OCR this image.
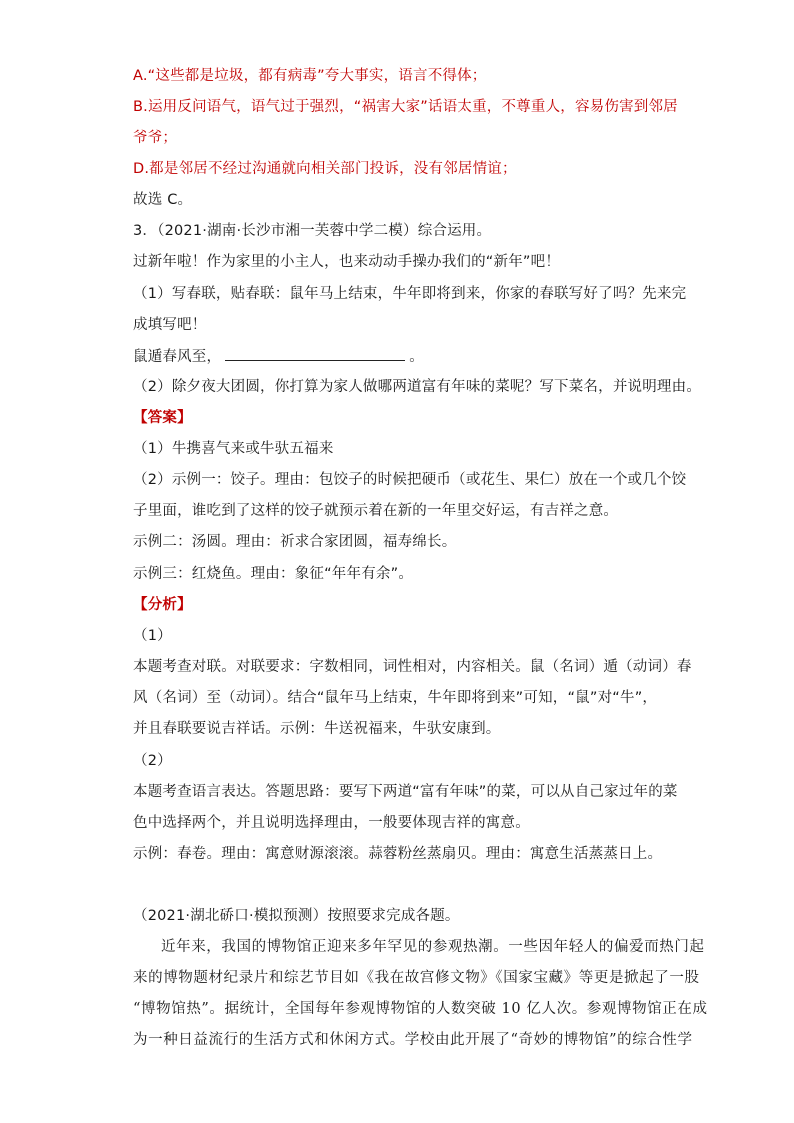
A.“这些都是垃圾，都有病毒”夸大事实，语言不得体；
B.运用反问语气，语气过于强烈，“祸害大家”话语太重，不尊重人，容易伤害到邻居
爷爷；
D.都是邻居不经过沟通就向相关部门投诉，没有邻居情谊；
故选 C。
3．（2021·湖南·长沙市湘一芙蓉中学二模）综合运用。
过新年啦！作为家里的小主人，也来动动手操办我们的“新年”吧！
（1）写春联，贴春联：鼠年马上结束，牛年即将到来，你家的春联写好了吗？先来完
成填写吧！
鼠遁春风至，	。
（2）除夕夜大团圆，你打算为家人做哪两道富有年味的菜呢？写下菜名，并说明理由。
【答案】
（1）牛携喜气来或牛驮五福来
（2）示例一：饺子。理由：包饺子的时候把硬币（或花生、果仁）放在一个或几个饺
子里面，谁吃到了这样的饺子就预示着在新的一年里交好运，有吉祥之意。
示例二：汤圆。理由：祈求合家团圆，福寿绵长。
示例三：红烧鱼。理由：象征“年年有余”。
【分析】
（1）
本题考查对联。对联要求：字数相同，词性相对，内容相关。鼠（名词）遁（动词）春
风（名词）至（动词）。结合“鼠年马上结束，牛年即将到来”可知，“鼠”对“牛”，
并且春联要说吉祥话。示例：牛送祝福来，牛驮安康到。
（2）
本题考查语言表达。答题思路：要写下两道“富有年味”的菜，可以从自己家过年的菜
色中选择两个，并且说明选择理由，一般要体现吉祥的寓意。
示例：春卷。理由：寓意财源滚滚。蒜蓉粉丝蒸扇贝。理由：寓意生活蒸蒸日上。
（2021·湖北硚口·模拟预测）按照要求完成各题。
近年来，我国的博物馆正迎来多年罕见的参观热潮。一些因年轻人的偏爱而热门起
来的博物题材纪录片和综艺节目如《我在故宫修文物》《国家宝藏》等更是掀起了一股
“博物馆热”。据统计，全国每年参观博物馆的人数突破 10 亿人次。参观博物馆正在成
为一种日益流行的生活方式和休闲方式。学校由此开展了“奇妙的博物馆”的综合性学
